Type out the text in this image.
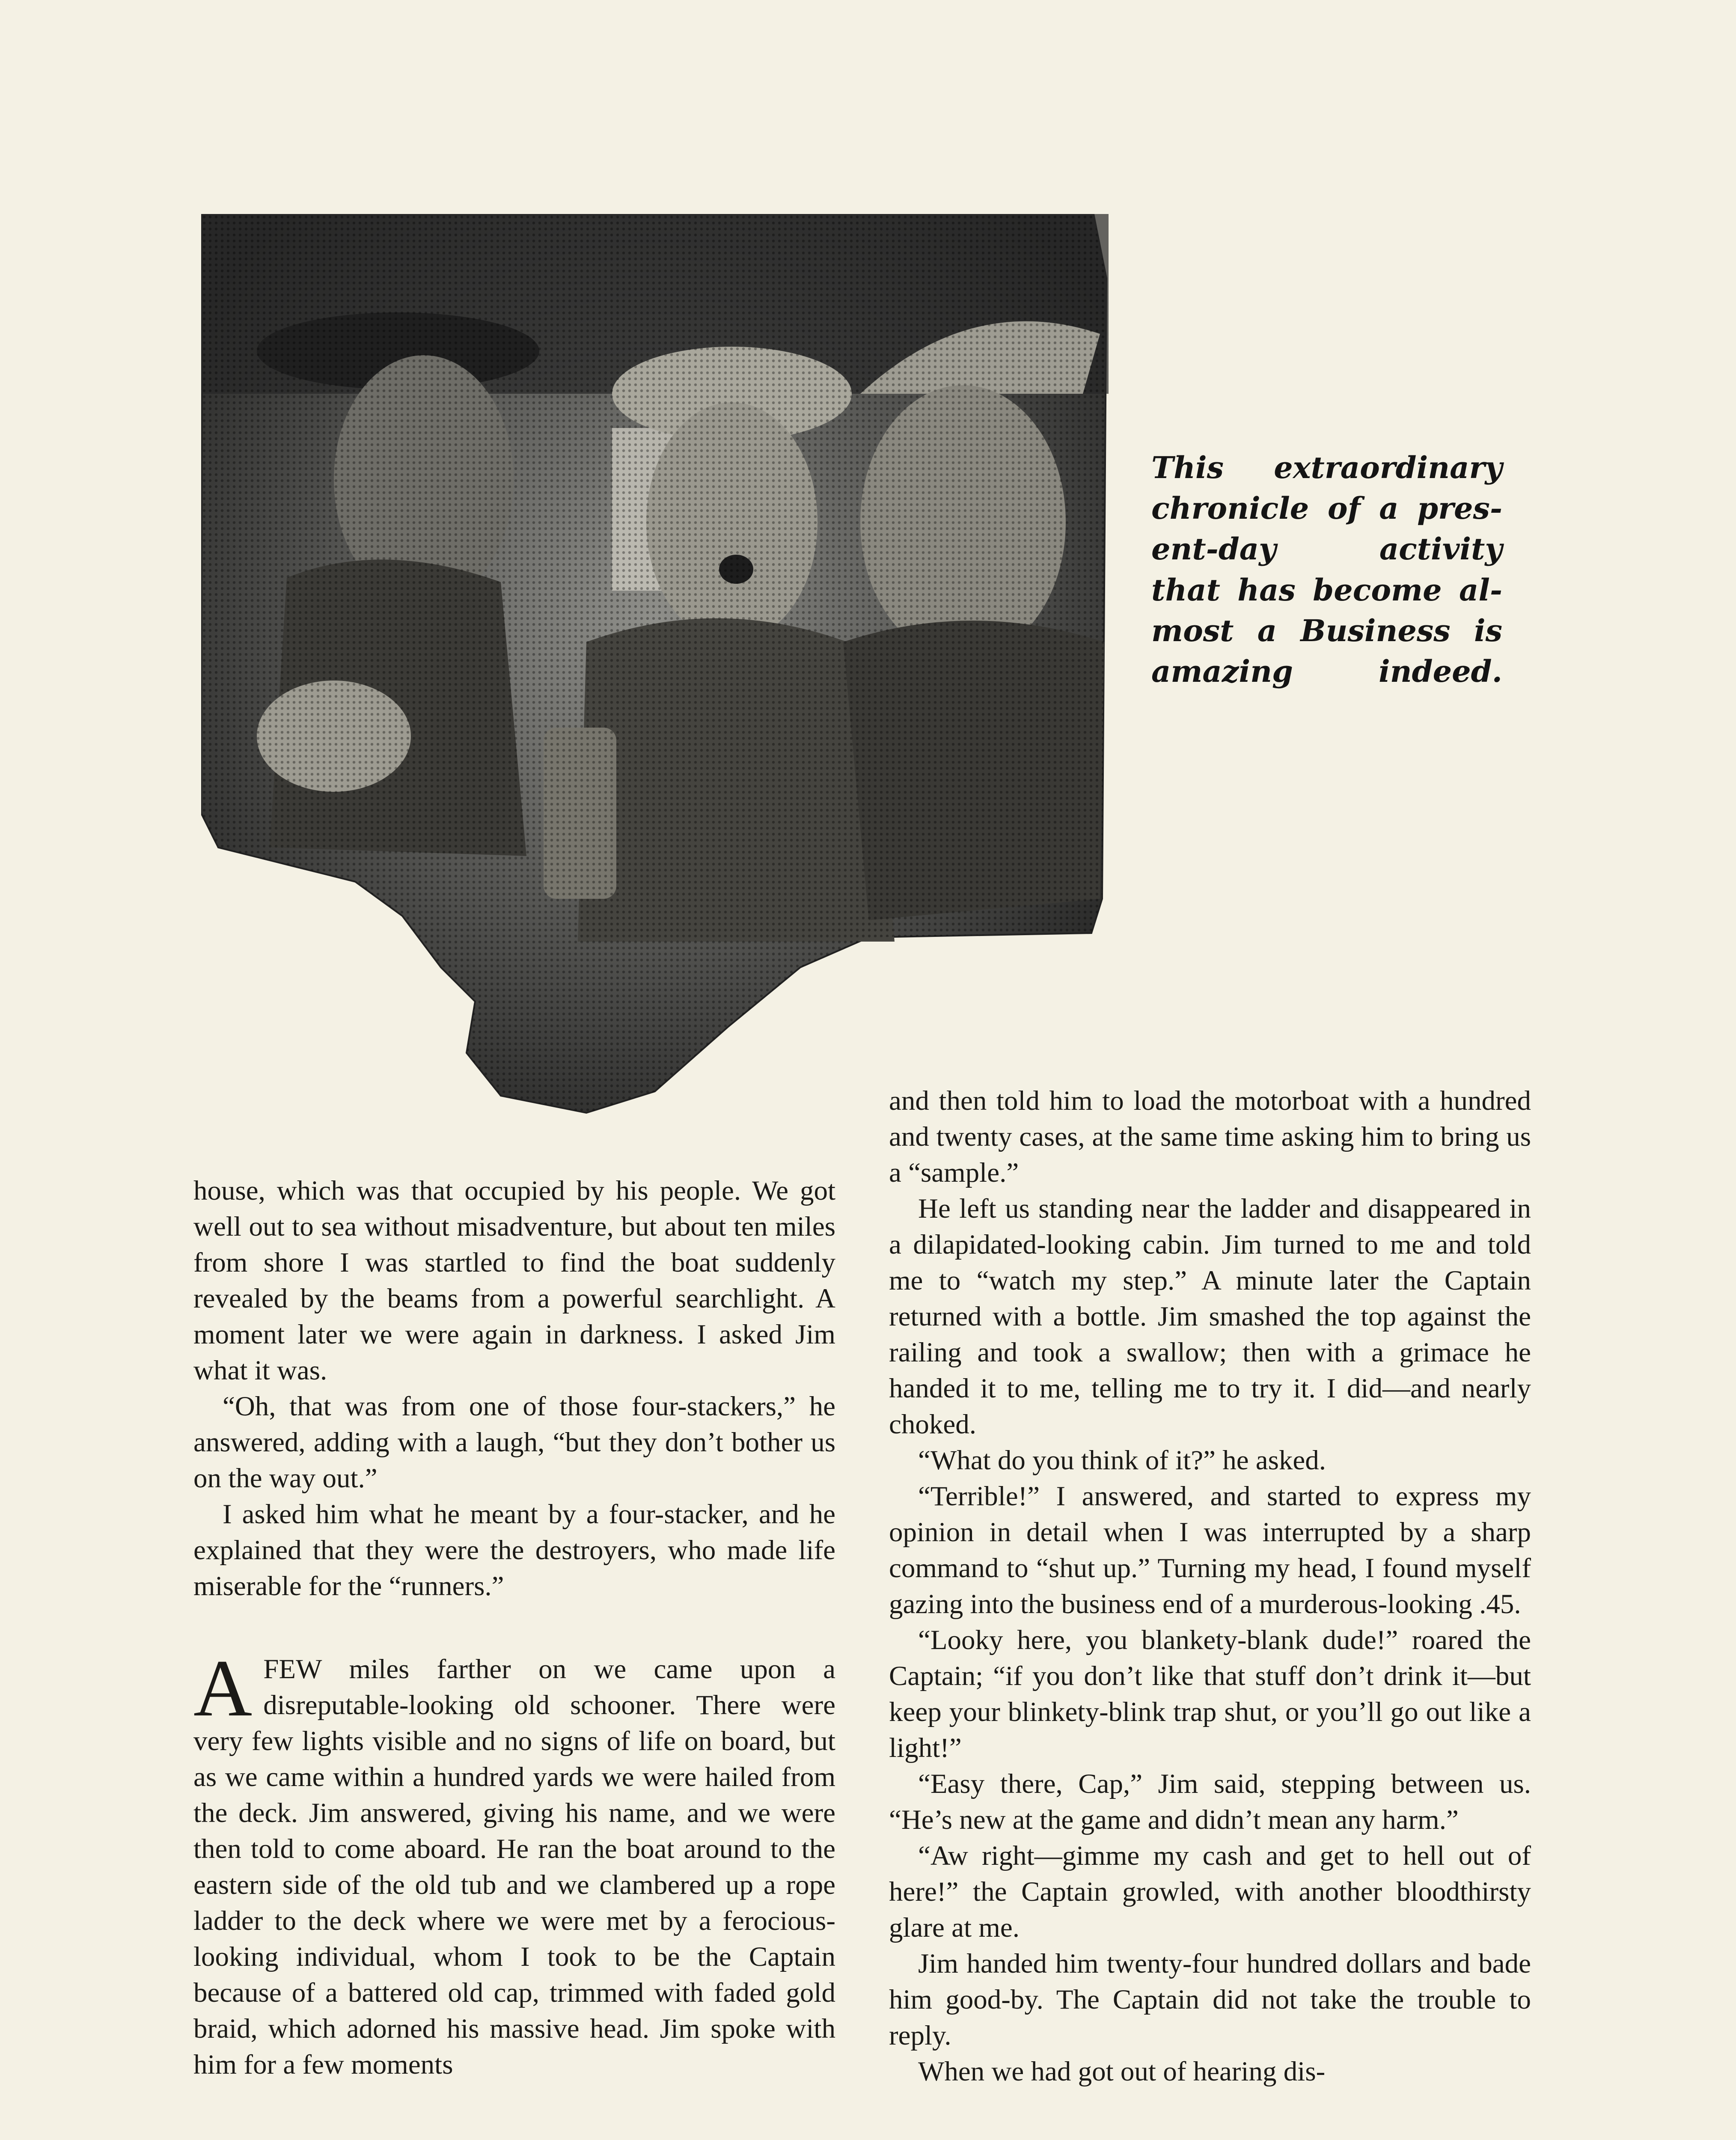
This extraordinary
chronicle of a pres-
ent-day activity
that has become al-
most a Business is
amazing indeed.

house, which was that occupied by his people. We got well out to sea without misadventure, but about ten miles from shore I was startled to find the boat suddenly revealed by the beams from a powerful searchlight. A moment later we were again in darkness. I asked Jim what it was.

“Oh, that was from one of those four-stackers,” he answered, adding with a laugh, “but they don’t bother us on the way out.”

I asked him what he meant by a four-stacker, and he explained that they were the destroyers, who made life miserable for the “runners.”

AFEW miles farther on we came upon a disreputable-looking old schooner. There were very few lights visible and no signs of life on board, but as we came within a hundred yards we were hailed from the deck. Jim answered, giving his name, and we were then told to come aboard. He ran the boat around to the eastern side of the old tub and we clambered up a rope ladder to the deck where we were met by a ferocious-looking individual, whom I took to be the Captain because of a battered old cap, trimmed with faded gold braid, which adorned his massive head. Jim spoke with him for a few moments

and then told him to load the motorboat with a hundred and twenty cases, at the same time asking him to bring us a “sample.”

He left us standing near the ladder and disappeared in a dilapidated-looking cabin. Jim turned to me and told me to “watch my step.” A minute later the Captain returned with a bottle. Jim smashed the top against the railing and took a swallow; then with a grimace he handed it to me, telling me to try it. I did—and nearly choked.

“What do you think of it?” he asked.

“Terrible!” I answered, and started to express my opinion in detail when I was interrupted by a sharp command to “shut up.” Turning my head, I found myself gazing into the business end of a murderous-looking .45.

“Looky here, you blankety-blank dude!” roared the Captain; “if you don’t like that stuff don’t drink it—but keep your blinkety-blink trap shut, or you’ll go out like a light!”

“Easy there, Cap,” Jim said, stepping between us. “He’s new at the game and didn’t mean any harm.”

“Aw right—gimme my cash and get to hell out of here!” the Captain growled, with another bloodthirsty glare at me.

Jim handed him twenty-four hundred dollars and bade him good-by. The Captain did not take the trouble to reply.

When we had got out of hearing dis-
